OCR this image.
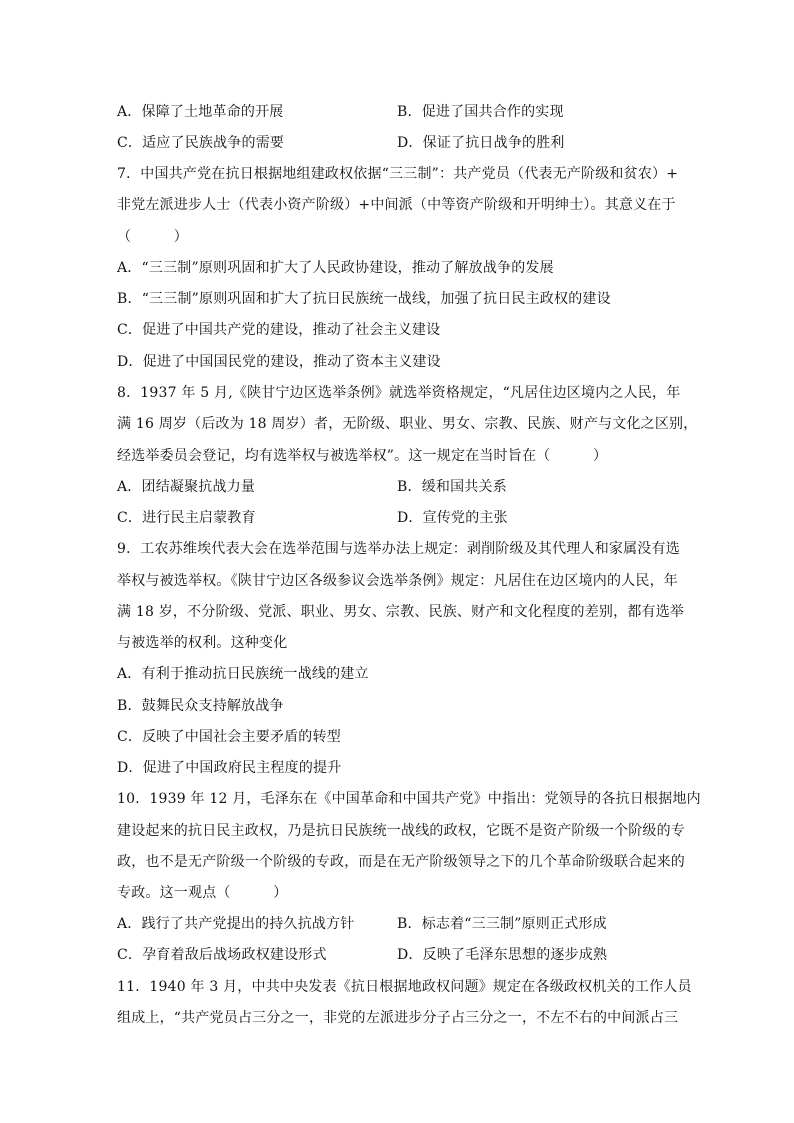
A．保障了土地革命的开展	B．促进了国共合作的实现
C．适应了民族战争的需要	D．保证了抗日战争的胜利
7．中国共产党在抗日根据地组建政权依据“三三制”：共产党员（代表无产阶级和贫农）+
非党左派进步人士（代表小资产阶级）+中间派（中等资产阶级和开明绅士）。其意义在于
（　　　）
A．“三三制”原则巩固和扩大了人民政协建设，推动了解放战争的发展
B．“三三制”原则巩固和扩大了抗日民族统一战线，加强了抗日民主政权的建设
C．促进了中国共产党的建设，推动了社会主义建设
D．促进了中国国民党的建设，推动了资本主义建设
8．1937 年 5 月,《陕甘宁边区选举条例》就选举资格规定，“凡居住边区境内之人民，年
满 16 周岁（后改为 18 周岁）者，无阶级、职业、男女、宗教、民族、财产与文化之区别，
经选举委员会登记，均有选举权与被选举权”。这一规定在当时旨在（　　　）
A．团结凝聚抗战力量	B．缓和国共关系
C．进行民主启蒙教育	D．宣传党的主张
9．工农苏维埃代表大会在选举范围与选举办法上规定：剥削阶级及其代理人和家属没有选
举权与被选举权。《陕甘宁边区各级参议会选举条例》规定：凡居住在边区境内的人民，年
满 18 岁，不分阶级、党派、职业、男女、宗教、民族、财产和文化程度的差别，都有选举
与被选举的权利。这种变化
A．有利于推动抗日民族统一战线的建立
B．鼓舞民众支持解放战争
C．反映了中国社会主要矛盾的转型
D．促进了中国政府民主程度的提升
10．1939 年 12 月，毛泽东在《中国革命和中国共产党》中指出：党领导的各抗日根据地内
建设起来的抗日民主政权，乃是抗日民族统一战线的政权，它既不是资产阶级一个阶级的专
政，也不是无产阶级一个阶级的专政，而是在无产阶级领导之下的几个革命阶级联合起来的
专政。这一观点（　　　）
A．践行了共产党提出的持久抗战方针	B．标志着“三三制”原则正式形成
C．孕育着敌后战场政权建设形式	D．反映了毛泽东思想的逐步成熟
11．1940 年 3 月，中共中央发表《抗日根据地政权问题》规定在各级政权机关的工作人员
组成上，“共产党员占三分之一，非党的左派进步分子占三分之一，不左不右的中间派占三
